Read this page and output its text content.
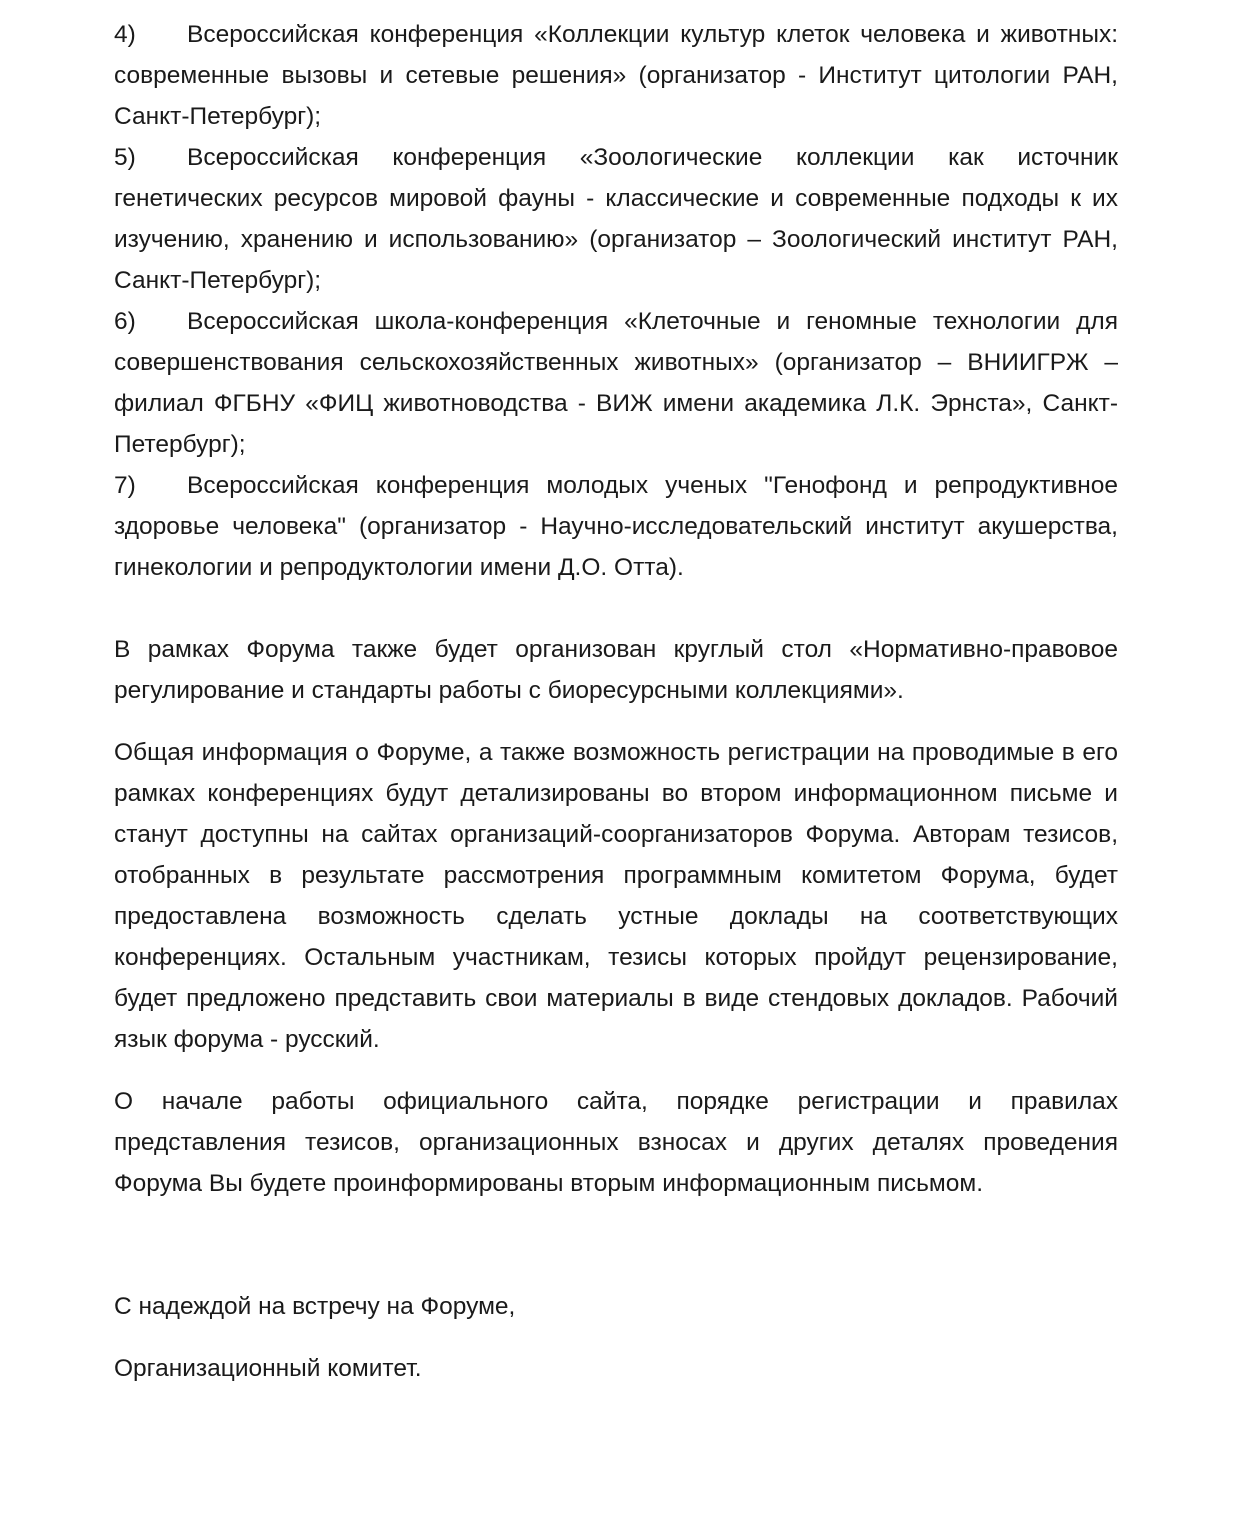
4) Всероссийская конференция «Коллекции культур клеток человека и животных: современные вызовы и сетевые решения» (организатор - Институт цитологии РАН, Санкт-Петербург);

5) Всероссийская конференция «Зоологические коллекции как источник генетических ресурсов мировой фауны - классические и современные подходы к их изучению, хранению и использованию» (организатор – Зоологический институт РАН, Санкт-Петербург);

6) Всероссийская школа-конференция «Клеточные и геномные технологии для совершенствования сельскохозяйственных животных» (организатор – ВНИИГРЖ – филиал ФГБНУ «ФИЦ животноводства - ВИЖ имени академика Л.К. Эрнста», Санкт-Петербург);

7) Всероссийская конференция молодых ученых "Генофонд и репродуктивное здоровье человека" (организатор - Научно-исследовательский институт акушерства, гинекологии и репродуктологии имени Д.О. Отта).

В рамках Форума также будет организован круглый стол «Нормативно-правовое регулирование и стандарты работы с биоресурсными коллекциями».

Общая информация о Форуме, а также возможность регистрации на проводимые в его рамках конференциях будут детализированы во втором информационном письме и станут доступны на сайтах организаций-соорганизаторов Форума. Авторам тезисов, отобранных в результате рассмотрения программным комитетом Форума, будет предоставлена возможность сделать устные доклады на соответствующих конференциях. Остальным участникам, тезисы которых пройдут рецензирование, будет предложено представить свои материалы в виде стендовых докладов. Рабочий язык форума - русский.

О начале работы официального сайта, порядке регистрации и правилах представления тезисов, организационных взносах и других деталях проведения Форума Вы будете проинформированы вторым информационным письмом.

С надеждой на встречу на Форуме,

Организационный комитет.
